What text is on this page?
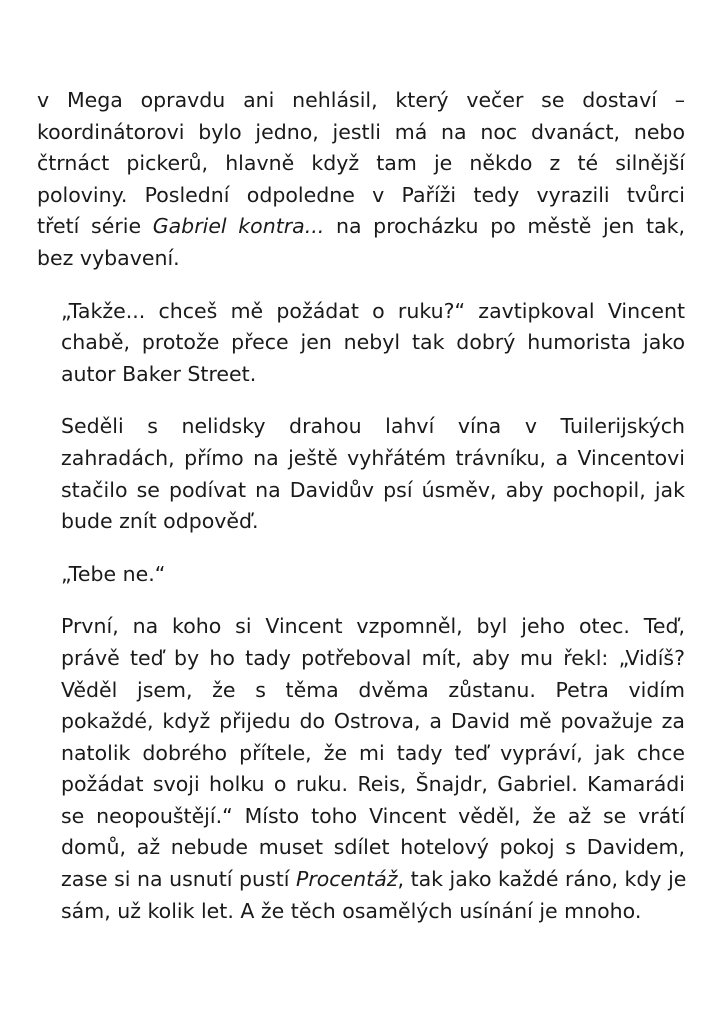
v Mega opravdu ani nehlásil, který večer se dostaví –
koordinátorovi bylo jedno, jestli má na noc dvanáct, nebo
čtrnáct pickerů, hlavně když tam je někdo z té silnější
poloviny. Poslední odpoledne v Paříži tedy vyrazili tvůrci
třetí série Gabriel kontra... na procházku po městě jen tak,
bez vybavení.
„Takže... chceš mě požádat o ruku?“ zavtipkoval Vincent
chabě, protože přece jen nebyl tak dobrý humorista jako
autor Baker Street.
Seděli s nelidsky drahou lahví vína v Tuilerijských
zahradách, přímo na ještě vyhřátém trávníku, a Vincentovi
stačilo se podívat na Davidův psí úsměv, aby pochopil, jak
bude znít odpověď.
„Tebe ne.“
První, na koho si Vincent vzpomněl, byl jeho otec. Teď,
právě teď by ho tady potřeboval mít, aby mu řekl: „Vidíš?
Věděl jsem, že s těma dvěma zůstanu. Petra vidím
pokaždé, když přijedu do Ostrova, a David mě považuje za
natolik dobrého přítele, že mi tady teď vypráví, jak chce
požádat svoji holku o ruku. Reis, Šnajdr, Gabriel. Kamarádi
se neopouštějí.“ Místo toho Vincent věděl, že až se vrátí
domů, až nebude muset sdílet hotelový pokoj s Davidem,
zase si na usnutí pustí Procentáž, tak jako každé ráno, kdy je
sám, už kolik let. A že těch osamělých usínání je mnoho.
